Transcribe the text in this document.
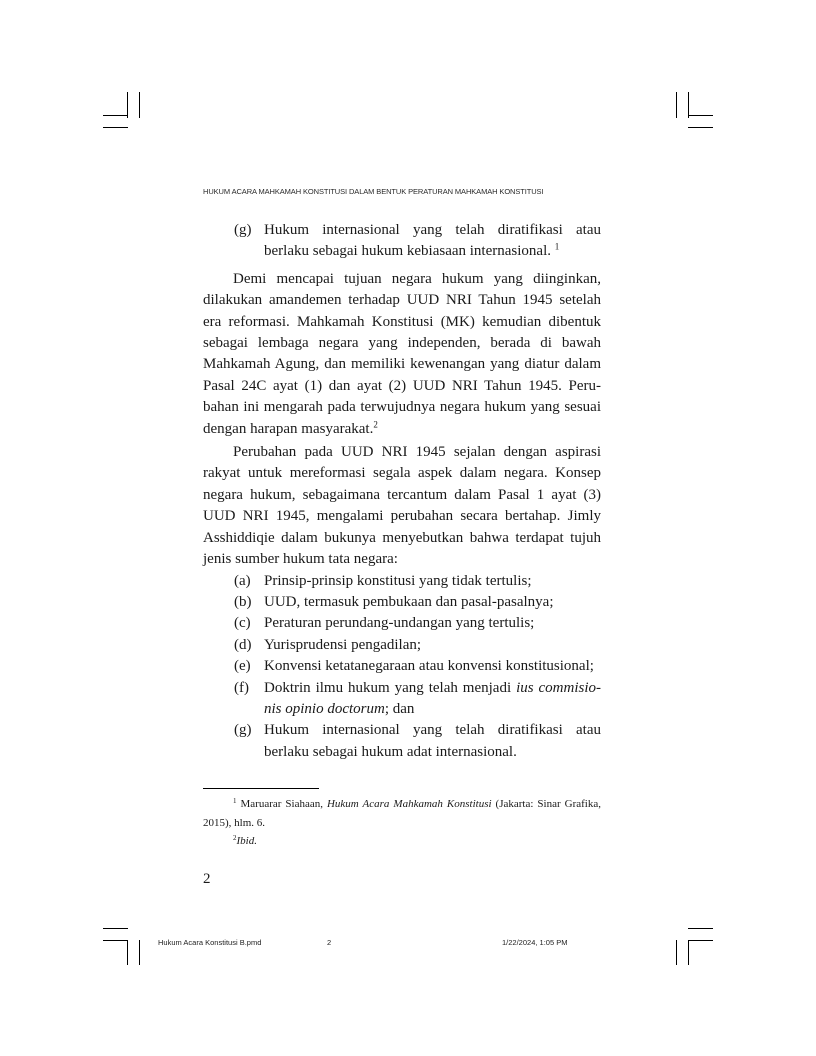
HUKUM ACARA MAHKAMAH KONSTITUSI DALAM BENTUK PERATURAN MAHKAMAH KONSTITUSI
(g) Hukum internasional yang telah diratifikasi atau berlaku sebagai hukum kebiasaan internasional. $^1$

Demi mencapai tujuan negara hukum yang diinginkan, dilakukan amandemen terhadap UUD NRI Tahun 1945 setelah era reformasi. Mahkamah Konstitusi (MK) kemudian dibentuk sebagai lembaga negara yang independen, berada di bawah Mahkamah Agung, dan memiliki kewenangan yang diatur dalam Pasal 24C ayat (1) dan ayat (2) UUD NRI Tahun 1945. Peru-bahan ini mengarah pada terwujudnya negara hukum yang sesuai dengan harapan masyarakat.$^2$

Perubahan pada UUD NRI 1945 sejalan dengan aspirasi rakyat untuk mereformasi segala aspek dalam negara. Konsep negara hukum, sebagaimana tercantum dalam Pasal 1 ayat (3) UUD NRI 1945, mengalami perubahan secara bertahap. Jimly Asshiddiqie dalam bukunya menyebutkan bahwa terdapat tujuh jenis sumber hukum tata negara:

(a) Prinsip-prinsip konstitusi yang tidak tertulis;
(b) UUD, termasuk pembukaan dan pasal-pasalnya;
(c) Peraturan perundang-undangan yang tertulis;
(d) Yurisprudensi pengadilan;
(e) Konvensi ketatanegaraan atau konvensi konstitusional;
(f) Doktrin ilmu hukum yang telah menjadi ius commisio-nis opinio doctorum; dan
(g) Hukum internasional yang telah diratifikasi atau berlaku sebagai hukum adat internasional.

$^1$ Maruarar Siahaan, Hukum Acara Mahkamah Konstitusi (Jakarta: Sinar Grafika, 2015), hlm. 6.

$^2$Ibid.

2
Hukum Acara Konstitusi B.pmd	2	1/22/2024, 1:05 PM
